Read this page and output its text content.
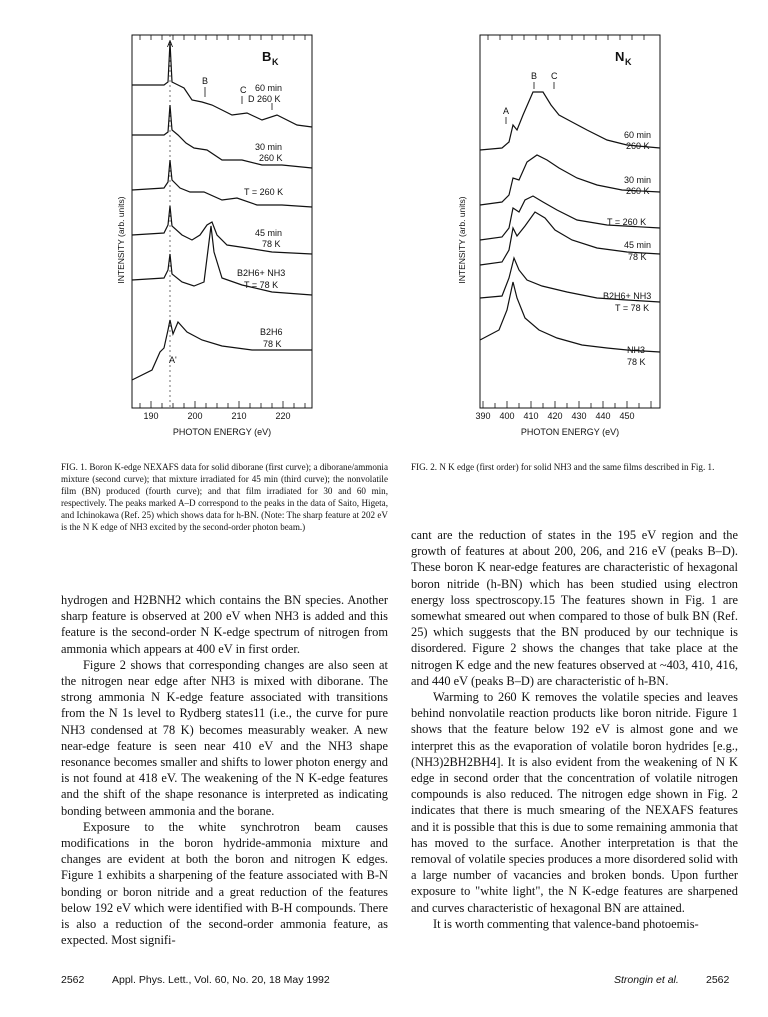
B K
A
B
C
A'
60 min
D 260 K
30 min
260 K
T = 260 K
45 min
78 K
B2H6+ NH3
T = 78 K
B2H6
78 K
190	200	210	220
PHOTON ENERGY (eV)
INTENSITY (arb. units)
N K
A
B C
60 min
260 K
30 min
260 K
T = 260 K
45 min
78 K
B2H6+ NH3
T = 78 K
NH3
78 K
390 400 410 420 430 440 450
PHOTON ENERGY (eV)
INTENSITY (arb. units)
FIG. 1. Boron K-edge NEXAFS data for solid diborane (first curve); a diborane/ammonia mixture (second curve); that mixture irradiated for 45 min (third curve); the nonvolatile film (BN) produced (fourth curve); and that film irradiated for 30 and 60 min, respectively. The peaks marked A–D correspond to the peaks in the data of Saito, Higeta, and Ichinokawa (Ref. 25) which shows data for h-BN. (Note: The sharp feature at 202 eV is the N K edge of NH3 excited by the second-order photon beam.)
FIG. 2. N K edge (first order) for solid NH3 and the same films described in Fig. 1.

hydrogen and H2BNH2 which contains the BN species. Another sharp feature is observed at 200 eV when NH3 is added and this feature is the second-order N K-edge spectrum of nitrogen from ammonia which appears at 400 eV in first order.

Figure 2 shows that corresponding changes are also seen at the nitrogen near edge after NH3 is mixed with diborane. The strong ammonia N K-edge feature associated with transitions from the N 1s level to Rydberg states11 (i.e., the curve for pure NH3 condensed at 78 K) becomes measurably weaker. A new near-edge feature is seen near 410 eV and the NH3 shape resonance becomes smaller and shifts to lower photon energy and is not found at 418 eV. The weakening of the N K-edge features and the shift of the shape resonance is interpreted as indicating bonding between ammonia and the borane.

Exposure to the white synchrotron beam causes modifications in the boron hydride-ammonia mixture and changes are evident at both the boron and nitrogen K edges. Figure 1 exhibits a sharpening of the feature associated with B-N bonding or boron nitride and a great reduction of the features below 192 eV which were identified with B-H compounds. There is also a reduction of the second-order ammonia feature, as expected. Most signifi-

cant are the reduction of states in the 195 eV region and the growth of features at about 200, 206, and 216 eV (peaks B–D). These boron K near-edge features are characteristic of hexagonal boron nitride (h-BN) which has been studied using electron energy loss spectroscopy.15 The features shown in Fig. 1 are somewhat smeared out when compared to those of bulk BN (Ref. 25) which suggests that the BN produced by our technique is disordered. Figure 2 shows the changes that take place at the nitrogen K edge and the new features observed at ~403, 410, 416, and 440 eV (peaks B–D) are characteristic of h-BN.

Warming to 260 K removes the volatile species and leaves behind nonvolatile reaction products like boron nitride. Figure 1 shows that the feature below 192 eV is almost gone and we interpret this as the evaporation of volatile boron hydrides [e.g., (NH3)2BH2BH4]. It is also evident from the weakening of N K edge in second order that the concentration of volatile nitrogen compounds is also reduced. The nitrogen edge shown in Fig. 2 indicates that there is much smearing of the NEXAFS features and it is possible that this is due to some remaining ammonia that has moved to the surface. Another interpretation is that the removal of volatile species produces a more disordered solid with a large number of vacancies and broken bonds. Upon further exposure to "white light", the N K-edge features are sharpened and curves characteristic of hexagonal BN are attained.

It is worth commenting that valence-band photoemis-

2562	Appl. Phys. Lett., Vol. 60, No. 20, 18 May 1992	Strongin et al.	2562
